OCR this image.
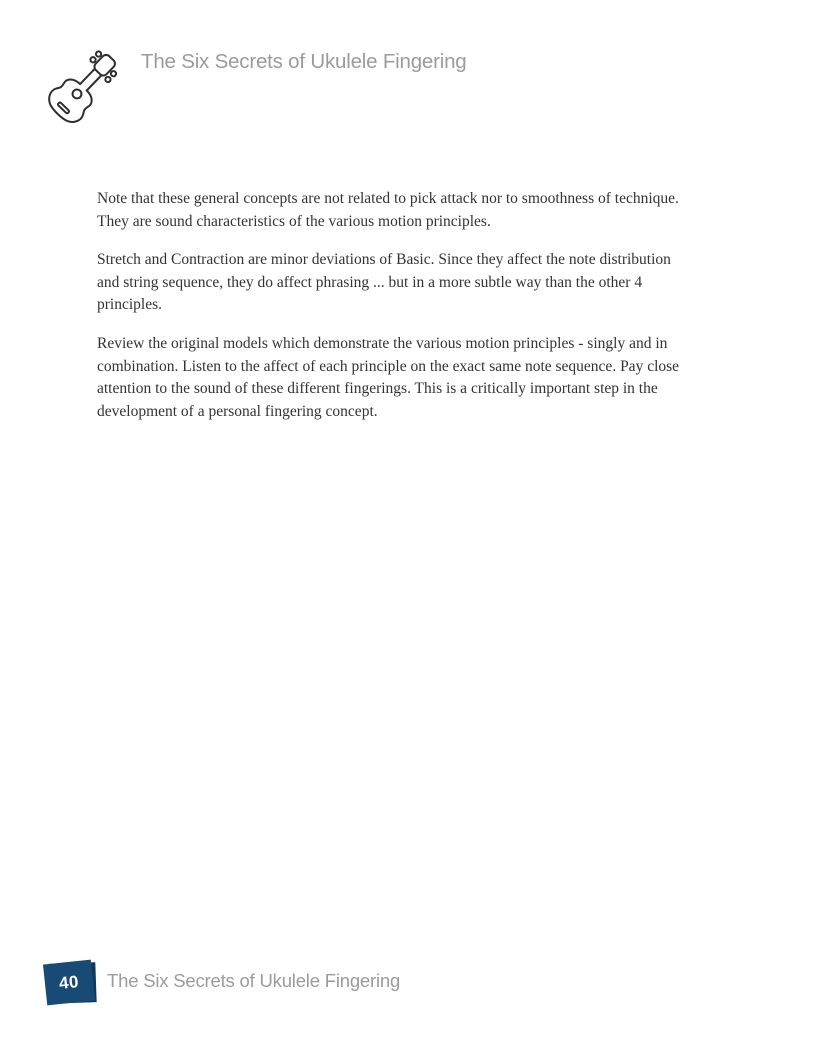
The Six Secrets of Ukulele Fingering

Note that these general concepts are not related to pick attack nor to smoothness of technique. They are sound characteristics of the various motion principles.

Stretch and Contraction are minor deviations of Basic. Since they affect the note distribution and string sequence, they do affect phrasing ... but in a more subtle way than the other 4 principles.

Review the original models which demonstrate the various motion principles - singly and in combination. Listen to the affect of each principle on the exact same note sequence. Pay close attention to the sound of these different fingerings. This is a critically important step in the development of a personal fingering concept.

40 The Six Secrets of Ukulele Fingering
